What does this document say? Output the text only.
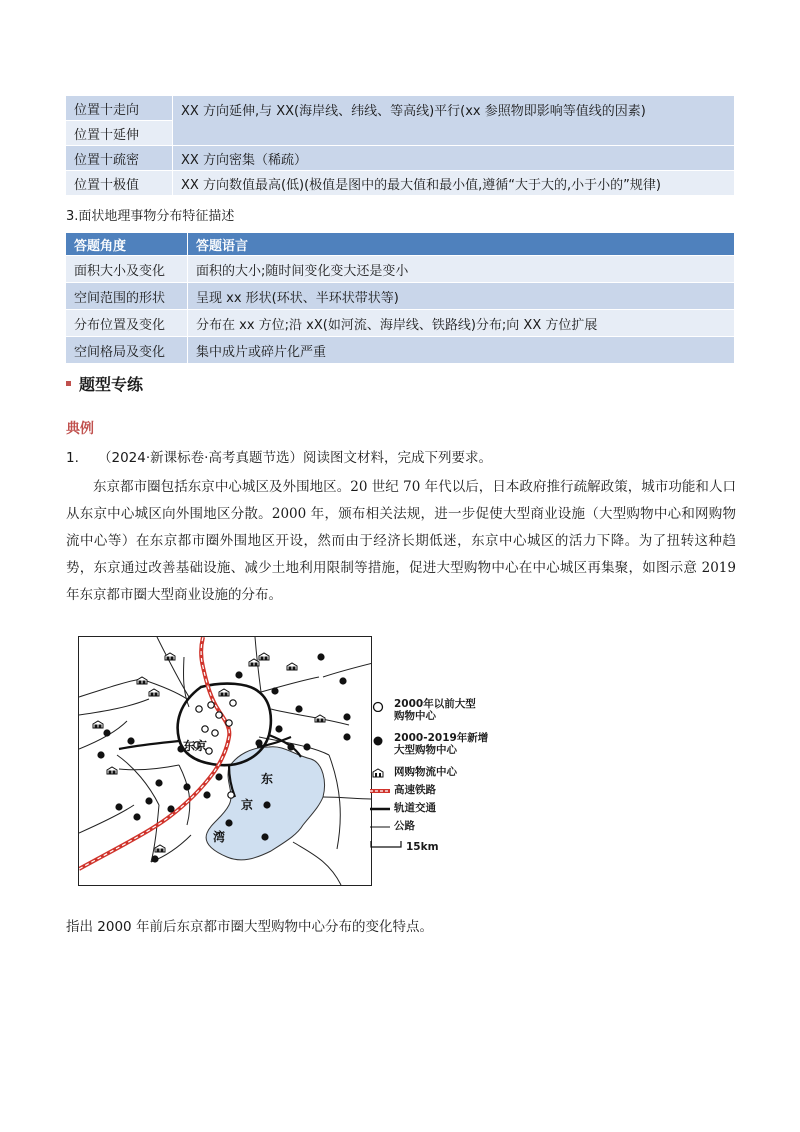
位置十走向	XX 方向延伸,与 XX(海岸线、纬线、等高线)平行(xx 参照物即影响等值线的因素)
位置十延伸	
位置十疏密	XX 方向密集（稀疏）
位置十极值	XX 方向数值最高(低)(极值是图中的最大值和最小值,遵循“大于大的,小于小的”规律)
3.面状地理事物分布特征描述
答题角度	答题语言
面积大小及变化	面积的大小;随时间变化变大还是变小
空间范围的形状	呈现 xx 形状(环状、半环状带状等)
分布位置及变化	分布在 xx 方位;沿 xX(如河流、海岸线、铁路线)分布;向 XX 方位扩展
空间格局及变化	集中成片或碎片化严重
题型专练
典例
1. （2024·新课标卷·高考真题节选）阅读图文材料，完成下列要求。

东京都市圈包括东京中心城区及外围地区。20 世纪 70 年代以后，日本政府推行疏解政策，城市功能和人口从东京中心城区向外围地区分散。2000 年，颁布相关法规，进一步促使大型商业设施（大型购物中心和网购物流中心等）在东京都市圈外围地区开设，然而由于经济长期低迷，东京中心城区的活力下降。为了扭转这种趋势，东京通过改善基础设施、减少土地利用限制等措施，促进大型购物中心在中心城区再集聚，如图示意 2019 年东京都市圈大型商业设施的分布。

东京
东
京
湾
2000年以前大型
购物中心
2000-2019年新增
大型购物中心
网购物流中心
高速铁路
轨道交通
公路
15km
指出 2000 年前后东京都市圈大型购物中心分布的变化特点。
